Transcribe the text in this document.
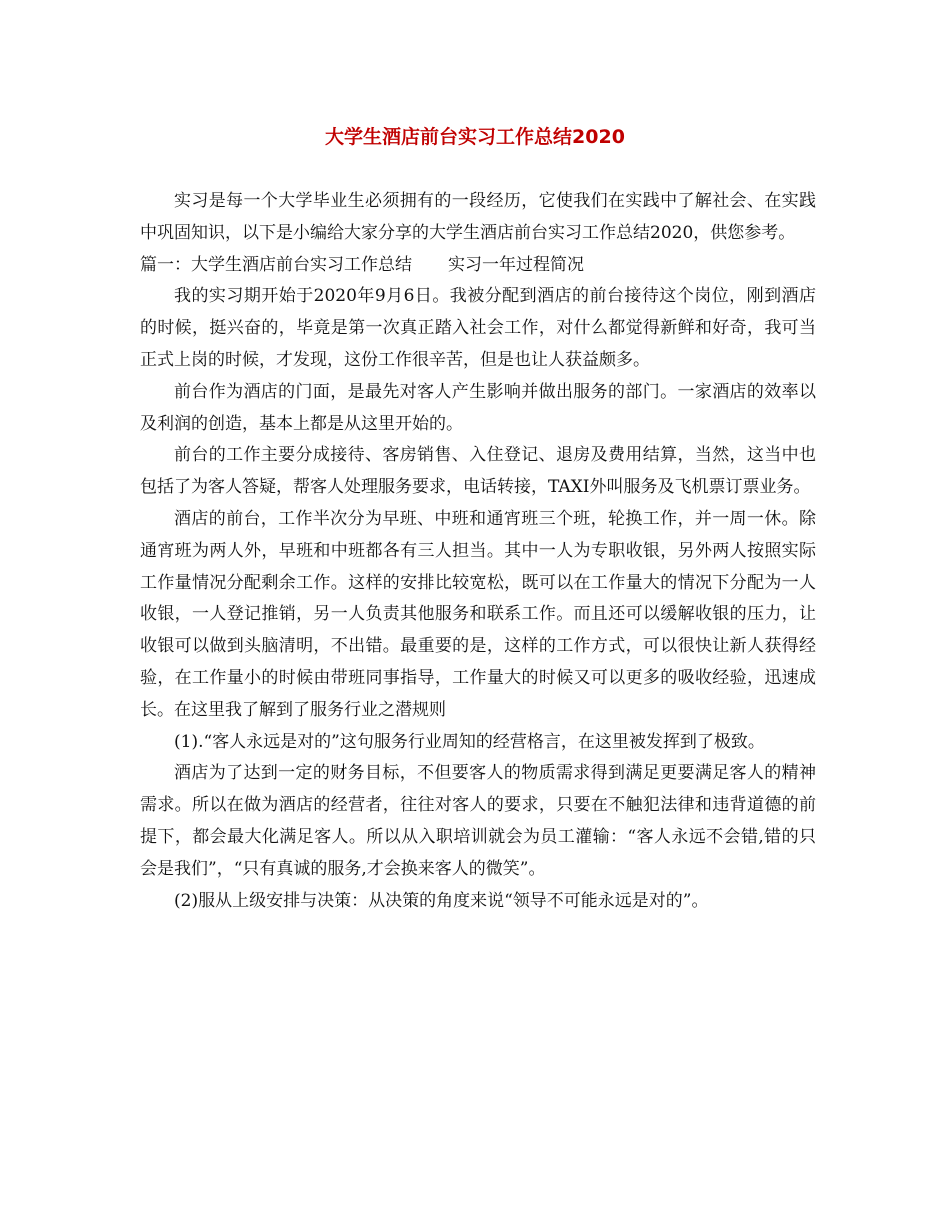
大学生酒店前台实习工作总结2020

实习是每一个大学毕业生必须拥有的一段经历，它使我们在实践中了解社会、在实践中巩固知识，以下是小编给大家分享的大学生酒店前台实习工作总结2020，供您参考。

篇一：大学生酒店前台实习工作总结 实习一年过程简况

我的实习期开始于2020年9月6日。我被分配到酒店的前台接待这个岗位，刚到酒店的时候，挺兴奋的，毕竟是第一次真正踏入社会工作，对什么都觉得新鲜和好奇，我可当正式上岗的时候，才发现，这份工作很辛苦，但是也让人获益颇多。

前台作为酒店的门面，是最先对客人产生影响并做出服务的部门。一家酒店的效率以及利润的创造，基本上都是从这里开始的。

前台的工作主要分成接待、客房销售、入住登记、退房及费用结算，当然，这当中也包括了为客人答疑，帮客人处理服务要求，电话转接，TAXI外叫服务及飞机票订票业务。

酒店的前台，工作半次分为早班、中班和通宵班三个班，轮换工作，并一周一休。除通宵班为两人外，早班和中班都各有三人担当。其中一人为专职收银，另外两人按照实际工作量情况分配剩余工作。这样的安排比较宽松，既可以在工作量大的情况下分配为一人收银，一人登记推销，另一人负责其他服务和联系工作。而且还可以缓解收银的压力，让收银可以做到头脑清明，不出错。最重要的是，这样的工作方式，可以很快让新人获得经验，在工作量小的时候由带班同事指导，工作量大的时候又可以更多的吸收经验，迅速成长。在这里我了解到了服务行业之潜规则

(1).“客人永远是对的”这句服务行业周知的经营格言，在这里被发挥到了极致。

酒店为了达到一定的财务目标，不但要客人的物质需求得到满足更要满足客人的精神需求。所以在做为酒店的经营者，往往对客人的要求，只要在不触犯法律和违背道德的前提下，都会最大化满足客人。所以从入职培训就会为员工灌输：“客人永远不会错,错的只会是我们”，“只有真诚的服务,才会换来客人的微笑”。

(2)服从上级安排与决策：从决策的角度来说“领导不可能永远是对的”。
